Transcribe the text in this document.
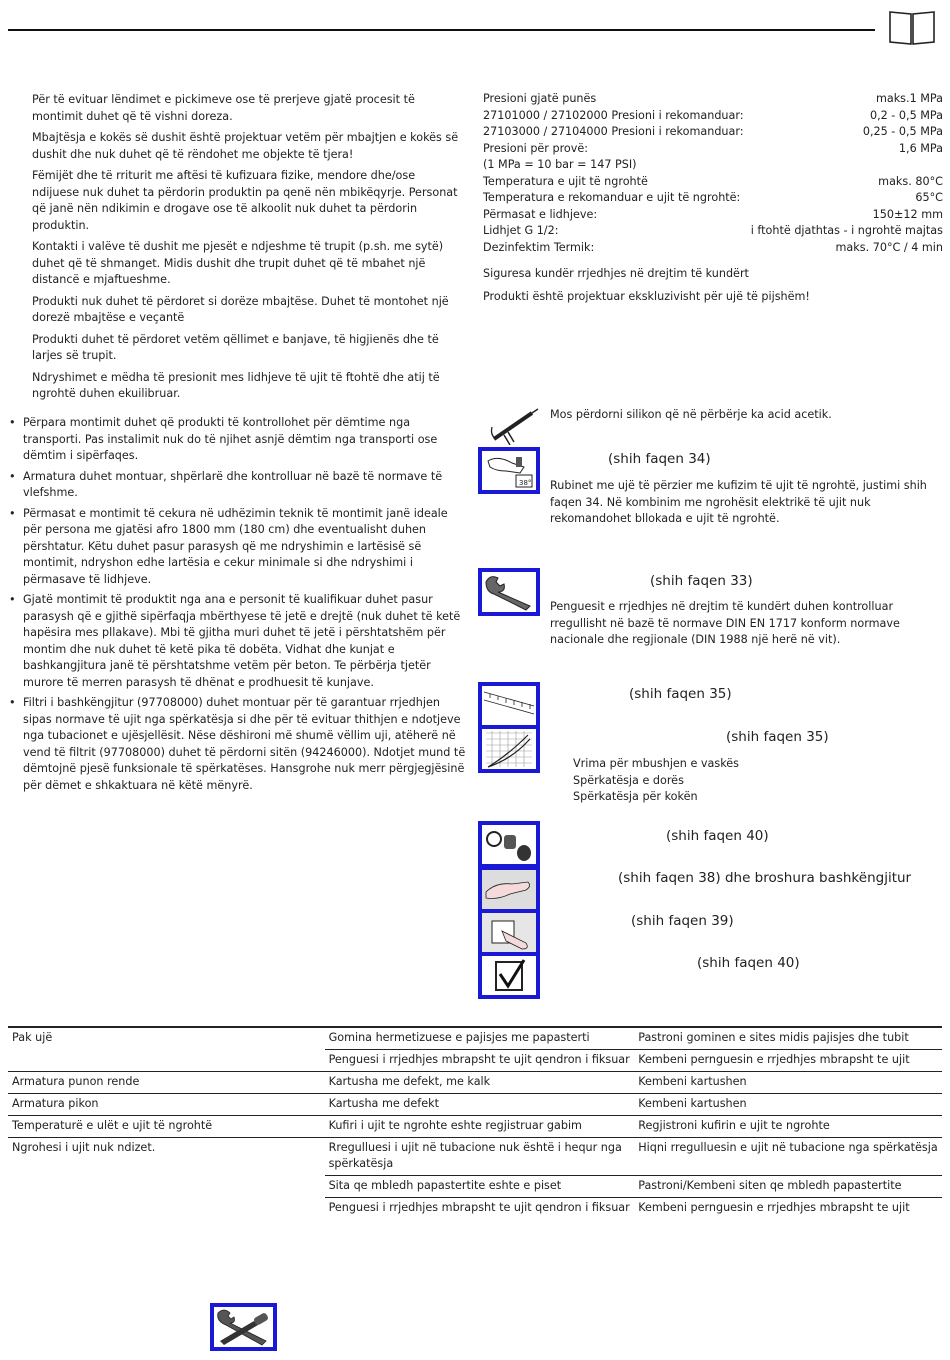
Për të evituar lëndimet e pickimeve ose të prerjeve gjatë procesit të montimit duhet që të vishni doreza.

Mbajtësja e kokës së dushit është projektuar vetëm për mbajtjen e kokës së dushit dhe nuk duhet që të rëndohet me objekte të tjera!

Fëmijët dhe të rriturit me aftësi të kufizuara fizike, mendore dhe/ose ndijuese nuk duhet ta përdorin produktin pa qenë nën mbikëqyrje. Personat që janë nën ndikimin e drogave ose të alkoolit nuk duhet ta përdorin produktin.

Kontakti i valëve të dushit me pjesët e ndjeshme të trupit (p.sh. me sytë) duhet që të shmanget. Midis dushit dhe trupit duhet që të mbahet një distancë e mjaftueshme.

Produkti nuk duhet të përdoret si dorëze mbajtëse. Duhet të montohet një dorezë mbajtëse e veçantë

Produkti duhet të përdoret vetëm qëllimet e banjave, të higjienës dhe të larjes së trupit.

Ndryshimet e mëdha të presionit mes lidhjeve të ujit të ftohtë dhe atij të ngrohtë duhen ekuilibruar.

Presioni gjatë punës	maks.1 MPa
27101000 / 27102000 Presioni i rekomanduar:	0,2 - 0,5 MPa
27103000 / 27104000 Presioni i rekomanduar:	0,25 - 0,5 MPa
Presioni për provë:	1,6 MPa
(1 MPa = 10 bar = 147 PSI)
Temperatura e ujit të ngrohtë	maks. 80°C
Temperatura e rekomanduar e ujit të ngrohtë:	65°C
Përmasat e lidhjeve:	150±12 mm
Lidhjet G 1/2:	i ftohtë djathtas - i ngrohtë majtas
Dezinfektim Termik:	maks. 70°C / 4 min
Siguresa kundër rrjedhjes në drejtim të kundërt
Produkti është projektuar ekskluzivisht për ujë të pijshëm!
• Përpara montimit duhet që produkti të kontrollohet për dëmtime nga transporti. Pas instalimit nuk do të njihet asnjë dëmtim nga transporti ose dëmtim i sipërfaqes.
• Armatura duhet montuar, shpërlarë dhe kontrolluar në bazë të normave të vlefshme.
• Përmasat e montimit të cekura në udhëzimin teknik të montimit janë ideale për persona me gjatësi afro 1800 mm (180 cm) dhe eventualisht duhen përshtatur. Këtu duhet pasur parasysh që me ndryshimin e lartësisë së montimit, ndryshon edhe lartësia e cekur minimale si dhe ndryshimi i përmasave të lidhjeve.
• Gjatë montimit të produktit nga ana e personit të kualifikuar duhet pasur parasysh që e gjithë sipërfaqja mbërthyese të jetë e drejtë (nuk duhet të ketë hapësira mes pllakave). Mbi të gjitha muri duhet të jetë i përshtatshëm për montim dhe nuk duhet të ketë pika të dobëta. Vidhat dhe kunjat e bashkangjitura janë të përshtatshme vetëm për beton. Te përbërja tjetër murore të merren parasysh të dhënat e prodhuesit të kunjave.
• Filtri i bashkëngjitur (97708000) duhet montuar për të garantuar rrjedhjen sipas normave të ujit nga spërkatësja si dhe për të evituar thithjen e ndotjeve nga tubacionet e ujësjellësit. Nëse dëshironi më shumë vëllim uji, atëherë në vend të filtrit (97708000) duhet të përdorni sitën (94246000). Ndotjet mund të dëmtojnë pjesë funksionale të spërkatëses. Hansgrohe nuk merr përgjegjësinë për dëmet e shkaktuara në këtë mënyrë.
Mos përdorni silikon që në përbërje ka acid acetik.
38°
(shih faqen 34)
Rubinet me ujë të përzier me kufizim të ujit të ngrohtë, justimi shih faqen 34. Në kombinim me ngrohësit elektrikë të ujit nuk rekomandohet bllokada e ujit të ngrohtë.
(shih faqen 33)
Penguesit e rrjedhjes në drejtim të kundërt duhen kontrolluar rregullisht në bazë të normave DIN EN 1717 konform normave nacionale dhe regjionale (DIN 1988 një herë në vit).
(shih faqen 35)
(shih faqen 35)
Vrima për mbushjen e vaskës
Spërkatësja e dorës
Spërkatësja për kokën
(shih faqen 40)
(shih faqen 38) dhe broshura bashkëngjitur
(shih faqen 39)
(shih faqen 40)
Pak ujë	Gomina hermetizuese e pajisjes me papasterti	Pastroni gominen e sites midis pajisjes dhe tubit
	Penguesi i rrjedhjes mbrapsht te ujit qendron i fiksuar	Kembeni pernguesin e rrjedhjes mbrapsht te ujit
Armatura punon rende	Kartusha me defekt, me kalk	Kembeni kartushen
Armatura pikon	Kartusha me defekt	Kembeni kartushen
Temperaturë e ulët e ujit të ngrohtë	Kufiri i ujit te ngrohte eshte regjistruar gabim	Regjistroni kufirin e ujit te ngrohte
Ngrohesi i ujit nuk ndizet.	Rregulluesi i ujit në tubacione nuk është i hequr nga spërkatësja	Hiqni rregulluesin e ujit në tubacione nga spërkatësja
	Sita qe mbledh papastertite eshte e piset	Pastroni/Kembeni siten qe mbledh papastertite
	Penguesi i rrjedhjes mbrapsht te ujit qendron i fiksuar	Kembeni pernguesin e rrjedhjes mbrapsht te ujit
